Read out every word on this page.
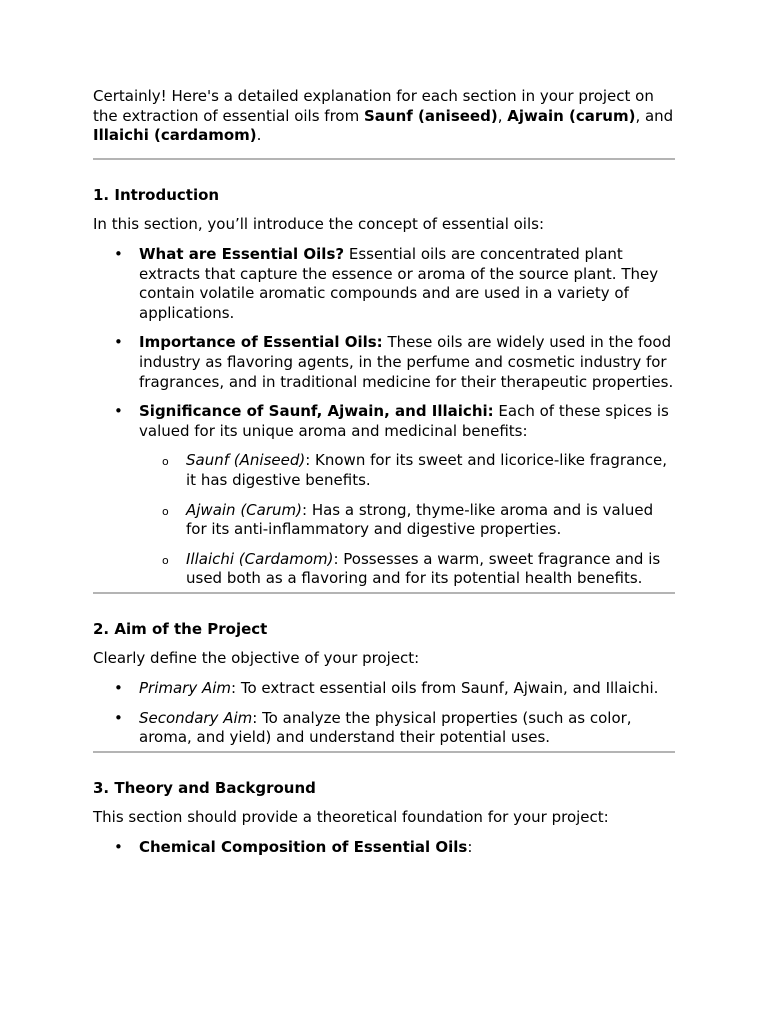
Certainly! Here's a detailed explanation for each section in your project on the extraction of essential oils from Saunf (aniseed), Ajwain (carum), and Illaichi (cardamom).

1. Introduction

In this section, you’ll introduce the concept of essential oils:

• What are Essential Oils? Essential oils are concentrated plant extracts that capture the essence or aroma of the source plant. They contain volatile aromatic compounds and are used in a variety of applications.
• Importance of Essential Oils: These oils are widely used in the food industry as flavoring agents, in the perfume and cosmetic industry for fragrances, and in traditional medicine for their therapeutic properties.
• Significance of Saunf, Ajwain, and Illaichi: Each of these spices is valued for its unique aroma and medicinal benefits:
o Saunf (Aniseed): Known for its sweet and licorice-like fragrance, it has digestive benefits.
o Ajwain (Carum): Has a strong, thyme-like aroma and is valued for its anti-inflammatory and digestive properties.
o Illaichi (Cardamom): Possesses a warm, sweet fragrance and is used both as a flavoring and for its potential health benefits.
2. Aim of the Project

Clearly define the objective of your project:

• Primary Aim: To extract essential oils from Saunf, Ajwain, and Illaichi.
• Secondary Aim: To analyze the physical properties (such as color, aroma, and yield) and understand their potential uses.
3. Theory and Background

This section should provide a theoretical foundation for your project:

• Chemical Composition of Essential Oils:
